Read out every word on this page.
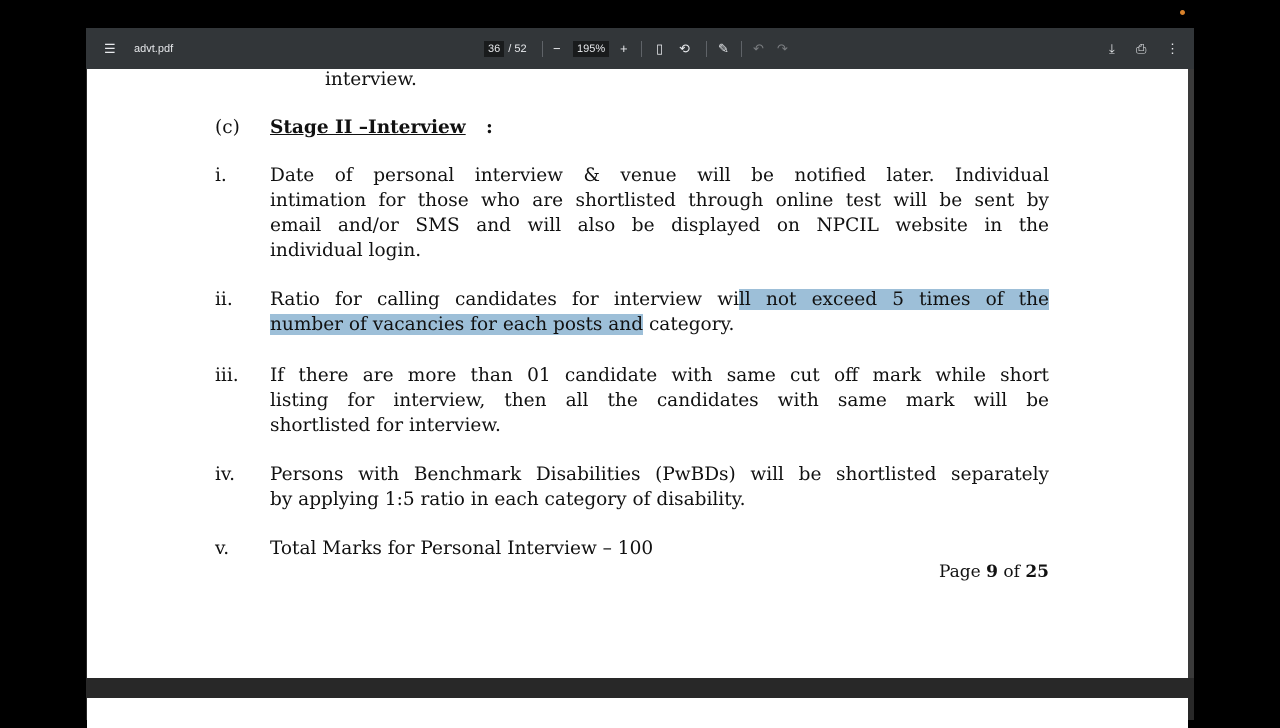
☰ advt.pdf	36 / 52 −	195%	+ ▯ ⟲ ✎ ↶ ↷	⤓ ⎙ ⋮
interview.
(c) Stage II –Interview :
i. Date of personal interview & venue will be notified later. Individual
intimation for those who are shortlisted through online test will be sent by
email and/or SMS and will also be displayed on NPCIL website in the
individual login.
ii. Ratio for calling candidates for interview will not exceed 5 times of the
number of vacancies for each posts and category.
iii. If there are more than 01 candidate with same cut off mark while short
listing for interview, then all the candidates with same mark will be
shortlisted for interview.
iv. Persons with Benchmark Disabilities (PwBDs) will be shortlisted separately
by applying 1:5 ratio in each category of disability.
v. Total Marks for Personal Interview – 100
Page 9 of 25
